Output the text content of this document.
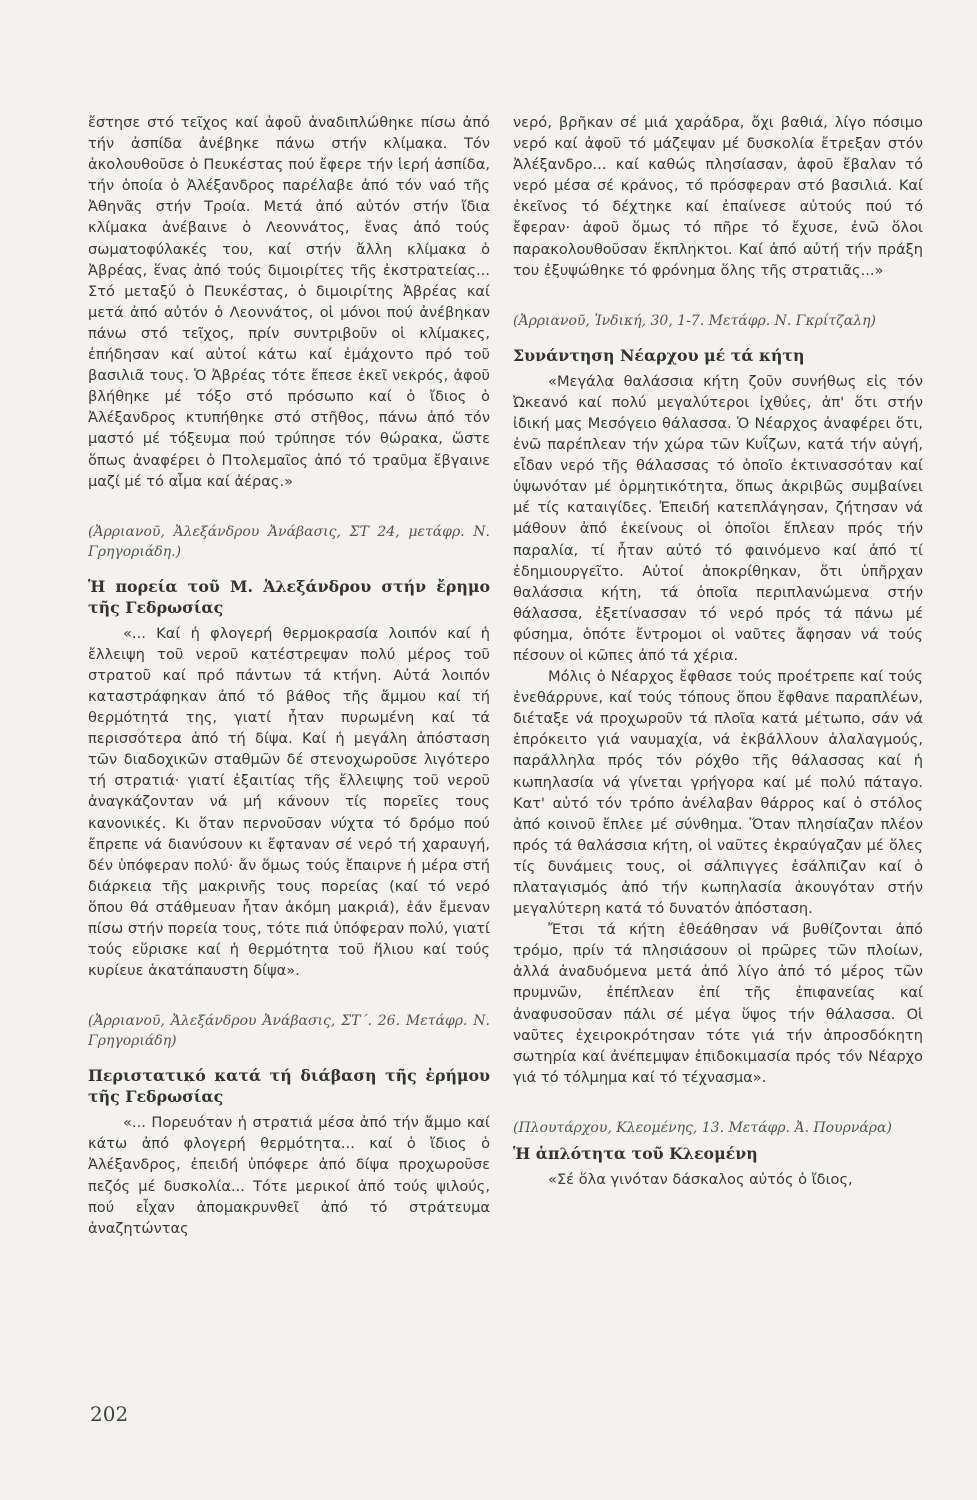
ἔστησε στό τεῖχος καί ἀφοῦ ἀναδιπλώθηκε πίσω ἀπό τήν ἀσπίδα ἀνέβηκε πάνω στήν κλίμακα. Τόν ἀκολουθοῦσε ὁ Πευκέστας πού ἔφερε τήν ἱερή ἀσπίδα, τήν ὁποία ὁ Ἀλέξανδρος παρέλαβε ἀπό τόν ναό τῆς Ἀθηνᾶς στήν Τροία. Μετά ἀπό αὐτόν στήν ἴδια κλίμακα ἀνέβαινε ὁ Λεοννάτος, ἕνας ἀπό τούς σωματοφύλακές του, καί στήν ἄλλη κλίμακα ὁ Ἀβρέας, ἕνας ἀπό τούς διμοιρίτες τῆς ἐκστρατείας... Στό μεταξύ ὁ Πευκέστας, ὁ διμοιρίτης Ἀβρέας καί μετά ἀπό αὐτόν ὁ Λεοννάτος, οἱ μόνοι πού ἀνέβηκαν πάνω στό τεῖχος, πρίν συντριβοῦν οἱ κλίμακες, ἐπήδησαν καί αὐτοί κάτω καί ἐμάχοντο πρό τοῦ βασιλιᾶ τους. Ὁ Ἀβρέας τότε ἔπεσε ἐκεῖ νεκρός, ἀφοῦ βλήθηκε μέ τόξο στό πρόσωπο καί ὁ ἴδιος ὁ Ἀλέξανδρος κτυπήθηκε στό στῆθος, πάνω ἀπό τόν μαστό μέ τόξευμα πού τρύπησε τόν θώρακα, ὥστε ὅπως ἀναφέρει ὁ Πτολεμαῖος ἀπό τό τραῦμα ἔβγαινε μαζί μέ τό αἷμα καί ἀέρας.»

(Ἀρριανοῦ, Ἀλεξάνδρου Ἀνάβασις, ΣΤ 24, μετάφρ. Ν. Γρηγοριάδη.)

Ἡ πορεία τοῦ Μ. Ἀλεξάνδρου στήν ἔρημο τῆς Γεδρωσίας

«... Καί ἡ φλογερή θερμοκρασία λοιπόν καί ἡ ἔλλειψη τοῦ νεροῦ κατέστρεψαν πολύ μέρος τοῦ στρατοῦ καί πρό πάντων τά κτήνη. Αὐτά λοιπόν καταστράφηκαν ἀπό τό βάθος τῆς ἄμμου καί τή θερμότητά της, γιατί ἦταν πυρωμένη καί τά περισσότερα ἀπό τή δίψα. Καί ἡ μεγάλη ἀπόσταση τῶν διαδοχικῶν σταθμῶν δέ στενοχωροῦσε λιγότερο τή στρατιά· γιατί ἐξαιτίας τῆς ἔλλειψης τοῦ νεροῦ ἀναγκάζονταν νά μή κάνουν τίς πορεῖες τους κανονικές. Κι ὅταν περνοῦσαν νύχτα τό δρόμο πού ἔπρεπε νά διανύσουν κι ἔφταναν σέ νερό τή χαραυγή, δέν ὑπόφεραν πολύ· ἄν ὅμως τούς ἔπαιρνε ἡ μέρα στή διάρκεια τῆς μακρινῆς τους πορείας (καί τό νερό ὅπου θά στάθμευαν ἦταν ἀκόμη μακριά), ἐάν ἔμεναν πίσω στήν πορεία τους, τότε πιά ὑπόφεραν πολύ, γιατί τούς εὕρισκε καί ἡ θερμότητα τοῦ ἥλιου καί τούς κυρίευε ἀκατάπαυστη δίψα».

(Ἀρριανοῦ, Ἀλεξάνδρου Ἀνάβασις, ΣΤ΄. 26. Μετάφρ. Ν. Γρηγοριάδη)

Περιστατικό κατά τή διάβαση τῆς ἐρήμου τῆς Γεδρωσίας

«... Πορευόταν ἡ στρατιά μέσα ἀπό τήν ἄμμο καί κάτω ἀπό φλογερή θερμότητα... καί ὁ ἴδιος ὁ Ἀλέξανδρος, ἐπειδή ὑπόφερε ἀπό δίψα προχωροῦσε πεζός μέ δυσκολία... Τότε μερικοί ἀπό τούς ψιλούς, πού εἶχαν ἀπομακρυνθεῖ ἀπό τό στράτευμα ἀναζητώντας

νερό, βρῆκαν σέ μιά χαράδρα, ὄχι βαθιά, λίγο πόσιμο νερό καί ἀφοῦ τό μάζεψαν μέ δυσκολία ἔτρεξαν στόν Ἀλέξανδρο... καί καθώς πλησίασαν, ἀφοῦ ἔβαλαν τό νερό μέσα σέ κράνος, τό πρόσφεραν στό βασιλιά. Καί ἐκεῖνος τό δέχτηκε καί ἐπαίνεσε αὐτούς πού τό ἔφεραν· ἀφοῦ ὅμως τό πῆρε τό ἔχυσε, ἐνῶ ὅλοι παρακολουθοῦσαν ἔκπληκτοι. Καί ἀπό αὐτή τήν πράξη του ἐξυψώθηκε τό φρόνημα ὅλης τῆς στρατιᾶς...»

(Ἀρριανοῦ, Ἰνδική, 30, 1-7. Μετάφρ. Ν. Γκρίτζαλη)

Συνάντηση Νέαρχου μέ τά κήτη

«Μεγάλα θαλάσσια κήτη ζοῦν συνήθως εἰς τόν Ὠκεανό καί πολύ μεγαλύτεροι ἰχθύες, ἀπ' ὅτι στήν ἰδική μας Μεσόγειο θάλασσα. Ὁ Νέαρχος ἀναφέρει ὅτι, ἐνῶ παρέπλεαν τήν χώρα τῶν Κυΐζων, κατά τήν αὐγή, εἶδαν νερό τῆς θάλασσας τό ὁποῖο ἐκτινασσόταν καί ὑψωνόταν μέ ὁρμητικότητα, ὅπως ἀκριβῶς συμβαίνει μέ τίς καταιγίδες. Ἐπειδή κατεπλάγησαν, ζήτησαν νά μάθουν ἀπό ἐκείνους οἱ ὁποῖοι ἔπλεαν πρός τήν παραλία, τί ἦταν αὐτό τό φαινόμενο καί ἀπό τί ἐδημιουργεῖτο. Αὐτοί ἀποκρίθηκαν, ὅτι ὑπῆρχαν θαλάσσια κήτη, τά ὁποῖα περιπλανώμενα στήν θάλασσα, ἐξετίνασσαν τό νερό πρός τά πάνω μέ φύσημα, ὁπότε ἔντρομοι οἱ ναῦτες ἄφησαν νά τούς πέσουν οἱ κῶπες ἀπό τά χέρια.

Μόλις ὁ Νέαρχος ἔφθασε τούς προέτρεπε καί τούς ἐνεθάρρυνε, καί τούς τόπους ὅπου ἔφθανε παραπλέων, διέταξε νά προχωροῦν τά πλοῖα κατά μέτωπο, σάν νά ἐπρόκειτο γιά ναυμαχία, νά ἐκβάλλουν ἀλαλαγμούς, παράλληλα πρός τόν ρόχθο τῆς θάλασσας καί ἡ κωπηλασία νά γίνεται γρήγορα καί μέ πολύ πάταγο. Κατ' αὐτό τόν τρόπο ἀνέλαβαν θάρρος καί ὁ στόλος ἀπό κοινοῦ ἔπλεε μέ σύνθημα. Ὅταν πλησίαζαν πλέον πρός τά θαλάσσια κήτη, οἱ ναῦτες ἐκραύγαζαν μέ ὅλες τίς δυνάμεις τους, οἱ σάλπιγγες ἐσάλπιζαν καί ὁ πλαταγισμός ἀπό τήν κωπηλασία ἀκουγόταν στήν μεγαλύτερη κατά τό δυνατόν ἀπόσταση.

Ἔτσι τά κήτη ἐθεάθησαν νά βυθίζονται ἀπό τρόμο, πρίν τά πλησιάσουν οἱ πρῶρες τῶν πλοίων, ἀλλά ἀναδυόμενα μετά ἀπό λίγο ἀπό τό μέρος τῶν πρυμνῶν, ἐπέπλεαν ἐπί τῆς ἐπιφανείας καί ἀναφυσοῦσαν πάλι σέ μέγα ὕψος τήν θάλασσα. Οἱ ναῦτες ἐχειροκρότησαν τότε γιά τήν ἀπροσδόκητη σωτηρία καί ἀνέπεμψαν ἐπιδοκιμασία πρός τόν Νέαρχο γιά τό τόλμημα καί τό τέχνασμα».

(Πλουτάρχου, Κλεομένης, 13. Μετάφρ. Ἀ. Πουρνάρα)

Ἡ ἁπλότητα τοῦ Κλεομένη

«Σέ ὅλα γινόταν δάσκαλος αὐτός ὁ ἴδιος,

202
